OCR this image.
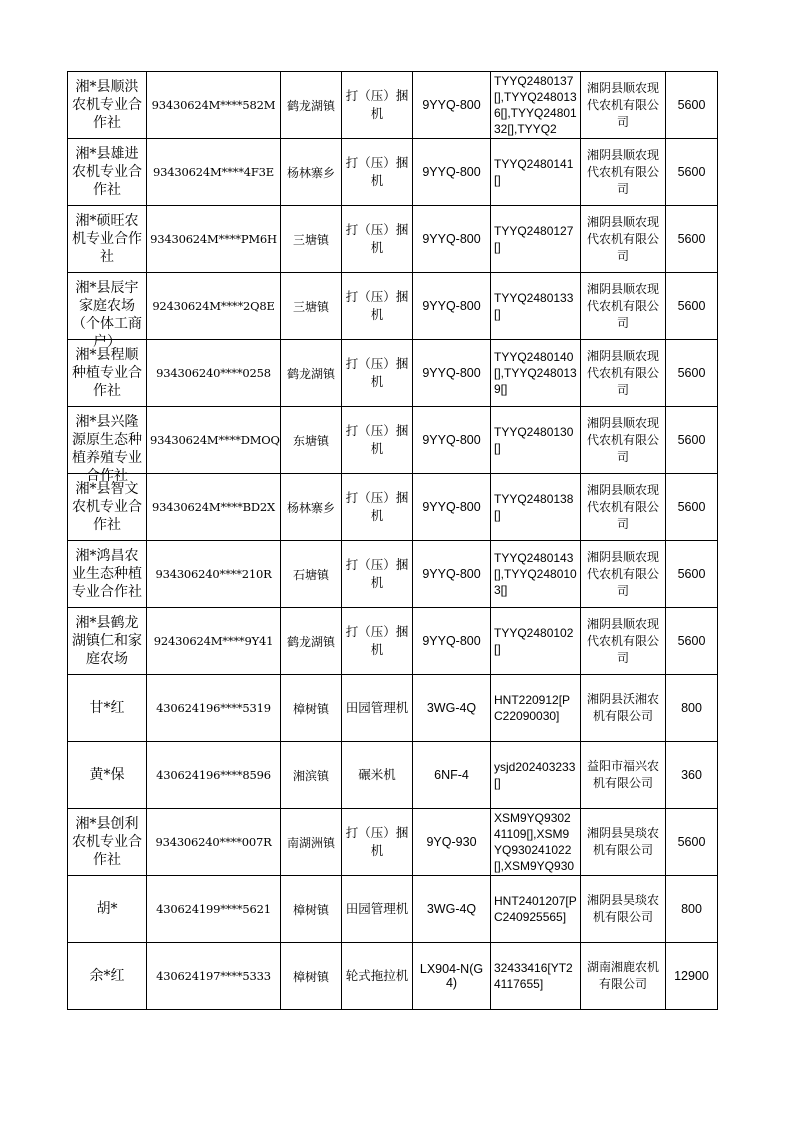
湘*县顺洪农机专业合作社	93430624M****582M	鹤龙湖镇	打（压）捆机	9YYQ-800	TYYQ2480137[],TYYQ2480136[],TYYQ2480132[],TYYQ2	湘阴县顺农现代农机有限公司	5600

湘*县雄进农机专业合作社	93430624M****4F3E	杨林寨乡	打（压）捆机	9YYQ-800	TYYQ2480141[]	湘阴县顺农现代农机有限公司	5600

湘*硕旺农机专业合作社	93430624M****PM6H	三塘镇	打（压）捆机	9YYQ-800	TYYQ2480127[]	湘阴县顺农现代农机有限公司	5600

湘*县辰宇家庭农场（个体工商户）	92430624M****2Q8E	三塘镇	打（压）捆机	9YYQ-800	TYYQ2480133[]	湘阴县顺农现代农机有限公司	5600

湘*县程顺种植专业合作社	934306240****0258	鹤龙湖镇	打（压）捆机	9YYQ-800	TYYQ2480140[],TYYQ2480139[]	湘阴县顺农现代农机有限公司	5600

湘*县兴隆源原生态种植养殖专业合作社	93430624M****DMOQ	东塘镇	打（压）捆机	9YYQ-800	TYYQ2480130[]	湘阴县顺农现代农机有限公司	5600

湘*县智文农机专业合作社	93430624M****BD2X	杨林寨乡	打（压）捆机	9YYQ-800	TYYQ2480138[]	湘阴县顺农现代农机有限公司	5600

湘*鸿昌农业生态种植专业合作社	934306240****210R	石塘镇	打（压）捆机	9YYQ-800	TYYQ2480143[],TYYQ2480103[]	湘阴县顺农现代农机有限公司	5600

湘*县鹤龙湖镇仁和家庭农场	92430624M****9Y41	鹤龙湖镇	打（压）捆机	9YYQ-800	TYYQ2480102[]	湘阴县顺农现代农机有限公司	5600

甘*红	430624196****5319	樟树镇	田园管理机	3WG-4Q	HNT220912[PC22090030]	湘阴县沃湘农机有限公司	800

黄*保	430624196****8596	湘滨镇	碾米机	6NF-4	ysjd202403233[]	益阳市福兴农机有限公司	360

湘*县创利农机专业合作社	934306240****007R	南湖洲镇	打（压）捆机	9YQ-930	XSM9YQ930241109[],XSM9YQ930241022[],XSM9YQ930	湘阴县昊琰农机有限公司	5600

胡*	430624199****5621	樟树镇	田园管理机	3WG-4Q	HNT2401207[PC240925565]	湘阴县昊琰农机有限公司	800

余*红	430624197****5333	樟树镇	轮式拖拉机	LX904-N(G4)	32433416[YT24117655]	湖南湘鹿农机有限公司	12900
